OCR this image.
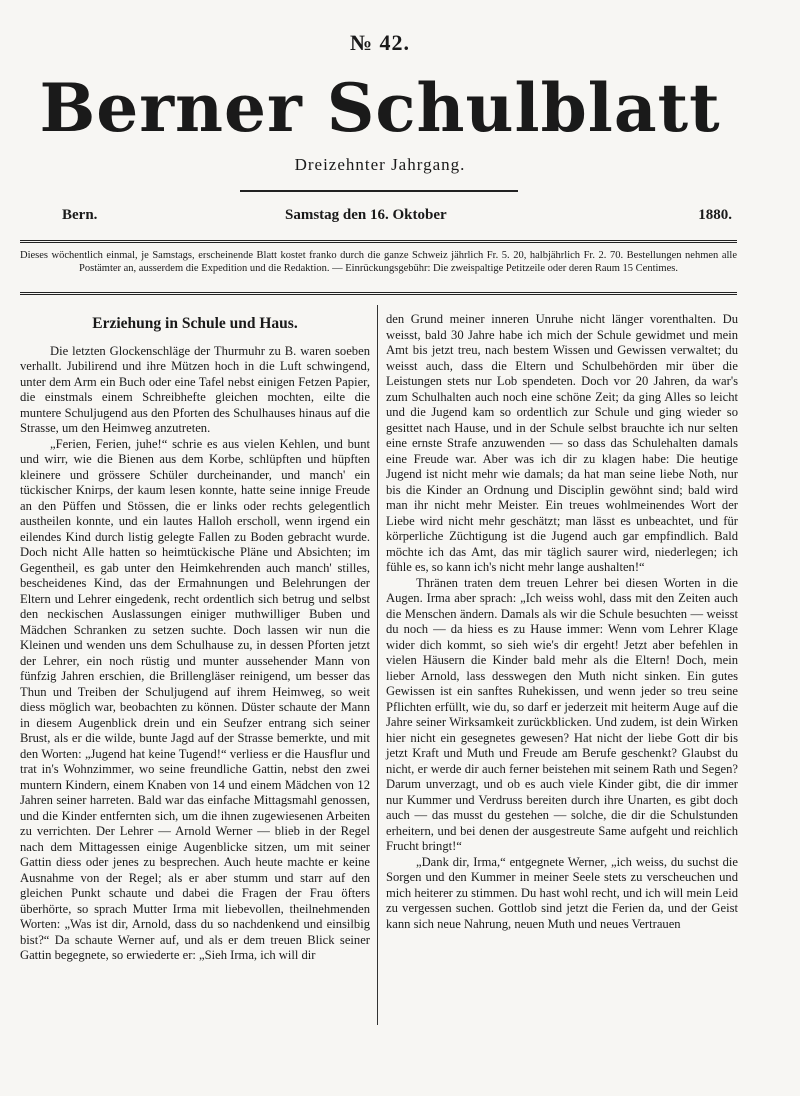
№ 42.
Berner Schulblatt
Dreizehnter Jahrgang.
Bern.	Samstag den 16. Oktober	1880.
Dieses wöchentlich einmal, je Samstags, erscheinende Blatt kostet franko durch die ganze Schweiz jährlich Fr. 5. 20, halbjährlich Fr. 2. 70. Bestellungen nehmen alle Postämter an, ausserdem die Expedition und die Redaktion. — Einrückungsgebühr: Die zweispaltige Petitzeile oder deren Raum 15 Centimes.
Erziehung in Schule und Haus.

Die letzten Glockenschläge der Thurmuhr zu B. waren soeben verhallt. Jubilirend und ihre Mützen hoch in die Luft schwingend, unter dem Arm ein Buch oder eine Tafel nebst einigen Fetzen Papier, die einstmals einem Schreibhefte gleichen mochten, eilte die muntere Schuljugend aus den Pforten des Schulhauses hinaus auf die Strasse, um den Heimweg anzutreten.

„Ferien, Ferien, juhe!“ schrie es aus vielen Kehlen, und bunt und wirr, wie die Bienen aus dem Korbe, schlüpften und hüpften kleinere und grössere Schüler durcheinander, und manch' ein tückischer Knirps, der kaum lesen konnte, hatte seine innige Freude an den Püffen und Stössen, die er links oder rechts gelegentlich austheilen konnte, und ein lautes Halloh erscholl, wenn irgend ein eilendes Kind durch listig gelegte Fallen zu Boden gebracht wurde. Doch nicht Alle hatten so heimtückische Pläne und Absichten; im Gegentheil, es gab unter den Heimkehrenden auch manch' stilles, bescheidenes Kind, das der Ermahnungen und Belehrungen der Eltern und Lehrer eingedenk, recht ordentlich sich betrug und selbst den neckischen Auslassungen einiger muthwilliger Buben und Mädchen Schranken zu setzen suchte. Doch lassen wir nun die Kleinen und wenden uns dem Schulhause zu, in dessen Pforten jetzt der Lehrer, ein noch rüstig und munter aussehender Mann von fünfzig Jahren erschien, die Brillengläser reinigend, um besser das Thun und Treiben der Schuljugend auf ihrem Heimweg, so weit diess möglich war, beobachten zu können. Düster schaute der Mann in diesem Augenblick drein und ein Seufzer entrang sich seiner Brust, als er die wilde, bunte Jagd auf der Strasse bemerkte, und mit den Worten: „Jugend hat keine Tugend!“ verliess er die Hausflur und trat in's Wohnzimmer, wo seine freundliche Gattin, nebst den zwei muntern Kindern, einem Knaben von 14 und einem Mädchen von 12 Jahren seiner harreten. Bald war das einfache Mittagsmahl genossen, und die Kinder entfernten sich, um die ihnen zugewiesenen Arbeiten zu verrichten. Der Lehrer — Arnold Werner — blieb in der Regel nach dem Mittagessen einige Augenblicke sitzen, um mit seiner Gattin diess oder jenes zu besprechen. Auch heute machte er keine Ausnahme von der Regel; als er aber stumm und starr auf den gleichen Punkt schaute und dabei die Fragen der Frau öfters überhörte, so sprach Mutter Irma mit liebevollen, theilnehmenden Worten: „Was ist dir, Arnold, dass du so nachdenkend und einsilbig bist?“ Da schaute Werner auf, und als er dem treuen Blick seiner Gattin begegnete, so erwiederte er: „Sieh Irma, ich will dir

den Grund meiner inneren Unruhe nicht länger vorenthalten. Du weisst, bald 30 Jahre habe ich mich der Schule gewidmet und mein Amt bis jetzt treu, nach bestem Wissen und Gewissen verwaltet; du weisst auch, dass die Eltern und Schulbehörden mir über die Leistungen stets nur Lob spendeten. Doch vor 20 Jahren, da war's zum Schulhalten auch noch eine schöne Zeit; da ging Alles so leicht und die Jugend kam so ordentlich zur Schule und ging wieder so gesittet nach Hause, und in der Schule selbst brauchte ich nur selten eine ernste Strafe anzuwenden — so dass das Schulehalten damals eine Freude war. Aber was ich dir zu klagen habe: Die heutige Jugend ist nicht mehr wie damals; da hat man seine liebe Noth, nur bis die Kinder an Ordnung und Disciplin gewöhnt sind; bald wird man ihr nicht mehr Meister. Ein treues wohlmeinendes Wort der Liebe wird nicht mehr geschätzt; man lässt es unbeachtet, und für körperliche Züchtigung ist die Jugend auch gar empfindlich. Bald möchte ich das Amt, das mir täglich saurer wird, niederlegen; ich fühle es, so kann ich's nicht mehr lange aushalten!“

Thränen traten dem treuen Lehrer bei diesen Worten in die Augen. Irma aber sprach: „Ich weiss wohl, dass mit den Zeiten auch die Menschen ändern. Damals als wir die Schule besuchten — weisst du noch — da hiess es zu Hause immer: Wenn vom Lehrer Klage wider dich kommt, so sieh wie's dir ergeht! Jetzt aber befehlen in vielen Häusern die Kinder bald mehr als die Eltern! Doch, mein lieber Arnold, lass desswegen den Muth nicht sinken. Ein gutes Gewissen ist ein sanftes Ruhekissen, und wenn jeder so treu seine Pflichten erfüllt, wie du, so darf er jederzeit mit heiterm Auge auf die Jahre seiner Wirksamkeit zurückblicken. Und zudem, ist dein Wirken hier nicht ein gesegnetes gewesen? Hat nicht der liebe Gott dir bis jetzt Kraft und Muth und Freude am Berufe geschenkt? Glaubst du nicht, er werde dir auch ferner beistehen mit seinem Rath und Segen? Darum unverzagt, und ob es auch viele Kinder gibt, die dir immer nur Kummer und Verdruss bereiten durch ihre Unarten, es gibt doch auch — das musst du gestehen — solche, die dir die Schulstunden erheitern, und bei denen der ausgestreute Same aufgeht und reichlich Frucht bringt!“

„Dank dir, Irma,“ entgegnete Werner, „ich weiss, du suchst die Sorgen und den Kummer in meiner Seele stets zu verscheuchen und mich heiterer zu stimmen. Du hast wohl recht, und ich will mein Leid zu vergessen suchen. Gottlob sind jetzt die Ferien da, und der Geist kann sich neue Nahrung, neuen Muth und neues Vertrauen
